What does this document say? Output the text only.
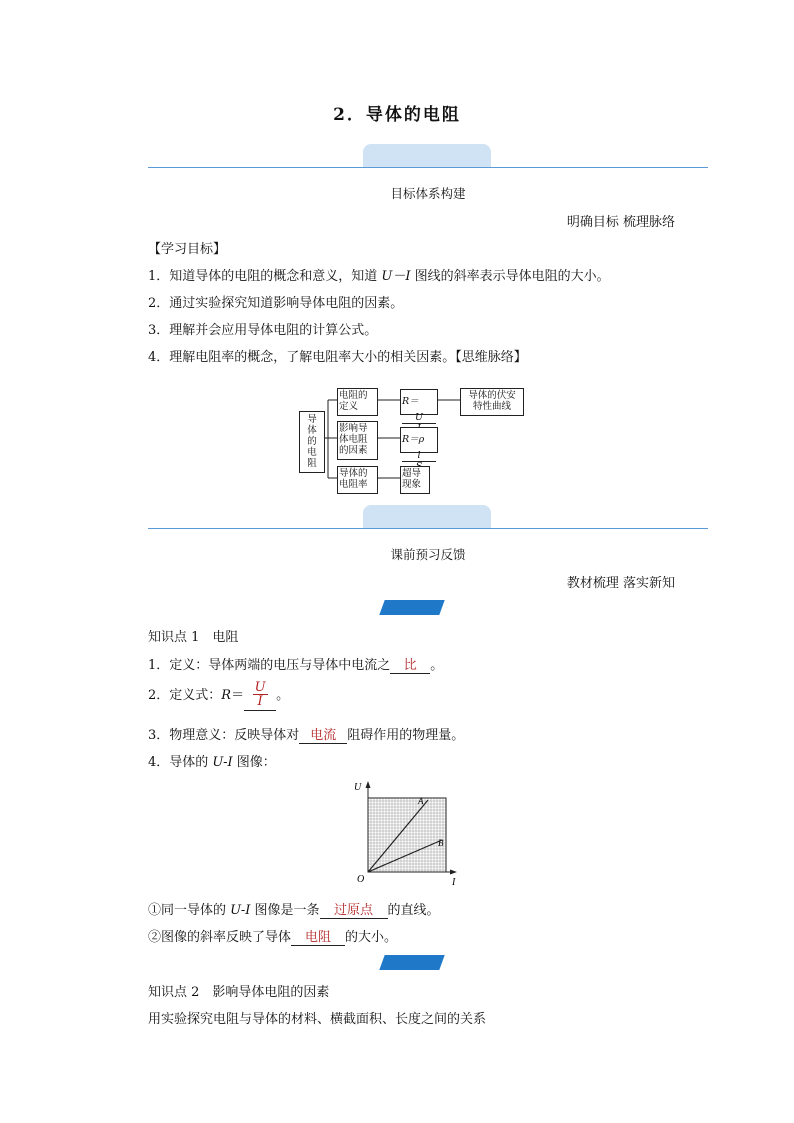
2．导体的电阻
目标体系构建
明确目标 梳理脉络
【学习目标】
1．知道导体的电阻的概念和意义，知道 U－I 图线的斜率表示导体电阻的大小。
2．通过实验探究知道影响导体电阻的因素。
3．理解并会应用导体电阻的计算公式。
4．理解电阻率的概念，了解电阻率大小的相关因素。【思维脉络】
导
体
的
电
阻
电阻的
定义
影响导
体电阻
的因素
导体的
电阻率
R＝
U
R＝ρ
l
超导
现象
导体的伏安
特性曲线
课前预习反馈
教材梳理 落实新知
知识点 1　电阻
1．定义：导体两端的电压与导体中电流之 比 。
2．定义式：$R= \frac{U}{I}$ 。
3．物理意义：反映导体对 电流 阻碍作用的物理量。
4．导体的 U-I 图像：
U
I
O
A
B
①同一导体的 U-I 图像是一条 过原点 的直线。
②图像的斜率反映了导体 电阻 的大小。
知识点 2　影响导体电阻的因素
用实验探究电阻与导体的材料、横截面积、长度之间的关系
